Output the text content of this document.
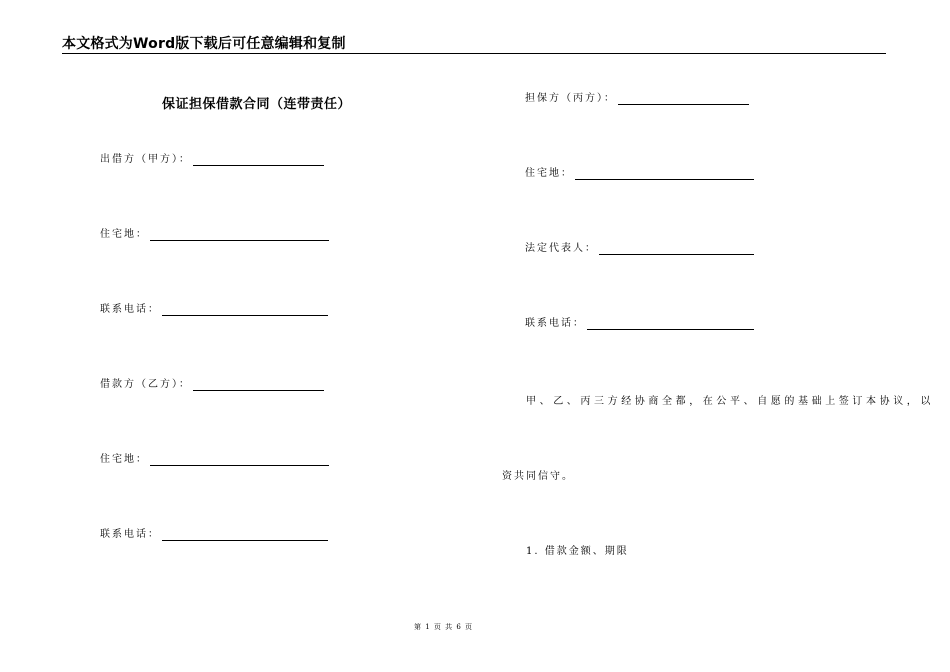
本文格式为Word版下载后可任意编辑和复制
保证担保借款合同（连带责任）
出借方（甲方）：
住宅地：
联系电话：
借款方（乙方）：
住宅地：
联系电话：
担保方（丙方）：
住宅地：
法定代表人：
联系电话：
甲、乙、丙三方经协商全都，在公平、自愿的基础上签订本协议，以
资共同信守。
1. 借款金额、期限
第 1 页 共 6 页
